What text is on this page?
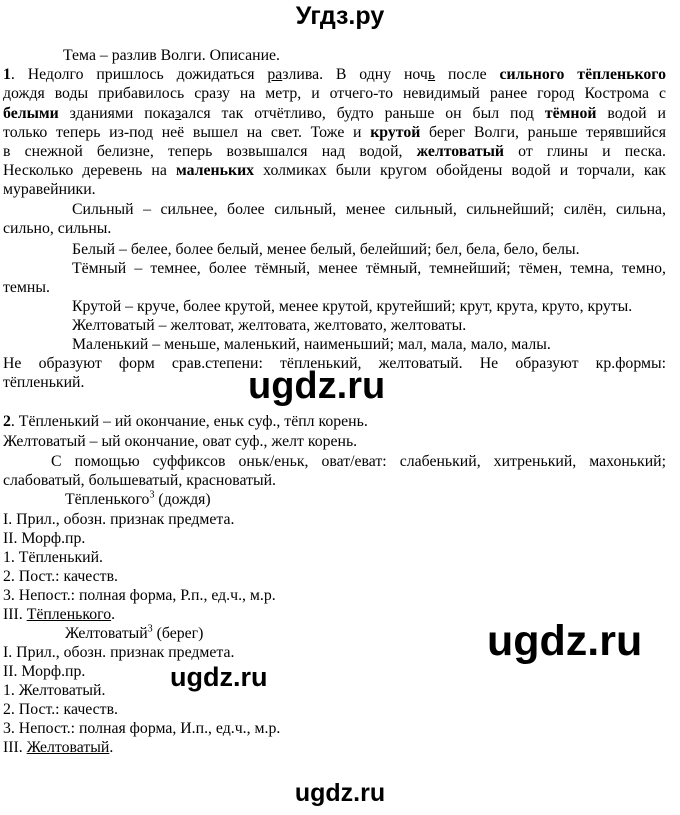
Угдз.ру
Тема – разлив Волги. Описание.
1. Недолго пришлось дожидаться разлива. В одну ночь после сильного тёпленького
дождя воды прибавилось сразу на метр, и отчего-то невидимый ранее город Кострома с
белыми зданиями показался так отчётливо, будто раньше он был под тёмной водой и
только теперь из-под неё вышел на свет. Тоже и крутой берег Волги, раньше терявшийся
в снежной белизне, теперь возвышался над водой, желтоватый от глины и песка.
Несколько деревень на маленьких холмиках были кругом обойдены водой и торчали, как
муравейники.
Сильный – сильнее, более сильный, менее сильный, сильнейший; силён, сильна,
сильно, сильны.
Белый – белее, более белый, менее белый, белейший; бел, бела, бело, белы.
Тёмный – темнее, более тёмный, менее тёмный, темнейший; тёмен, темна, темно,
темны.
Крутой – круче, более крутой, менее крутой, крутейший; крут, крута, круто, круты.
Желтоватый – желтоват, желтовата, желтовато, желтоваты.
Маленький – меньше, маленький, наименьший; мал, мала, мало, малы.
Не образуют форм срав.степени: тёпленький, желтоватый. Не образуют кр.формы:
тёпленький.	ugdz.ru
2. Тёпленький – ий окончание, еньк суф., тёпл корень.
Желтоватый – ый окончание, оват суф., желт корень.
С помощью суффиксов оньк/еньк, оват/еват: слабенький, хитренький, махонький;
слабоватый, большеватый, красноватый.
Тёпленького$^3$ (дождя)
I. Прил., обозн. признак предмета.
II. Морф.пр.
1. Тёпленький.
2. Пост.: качеств.
3. Непост.: полная форма, Р.п., ед.ч., м.р.
III. Тёпленького.
Желтоватый$^3$ (берег)
I. Прил., обозн. признак предмета.
II. Морф.пр.
1. Желтоватый.
2. Пост.: качеств.
3. Непост.: полная форма, И.п., ед.ч., м.р.
III. Желтоватый.
ugdz.ru
ugdz.ru
ugdz.ru
